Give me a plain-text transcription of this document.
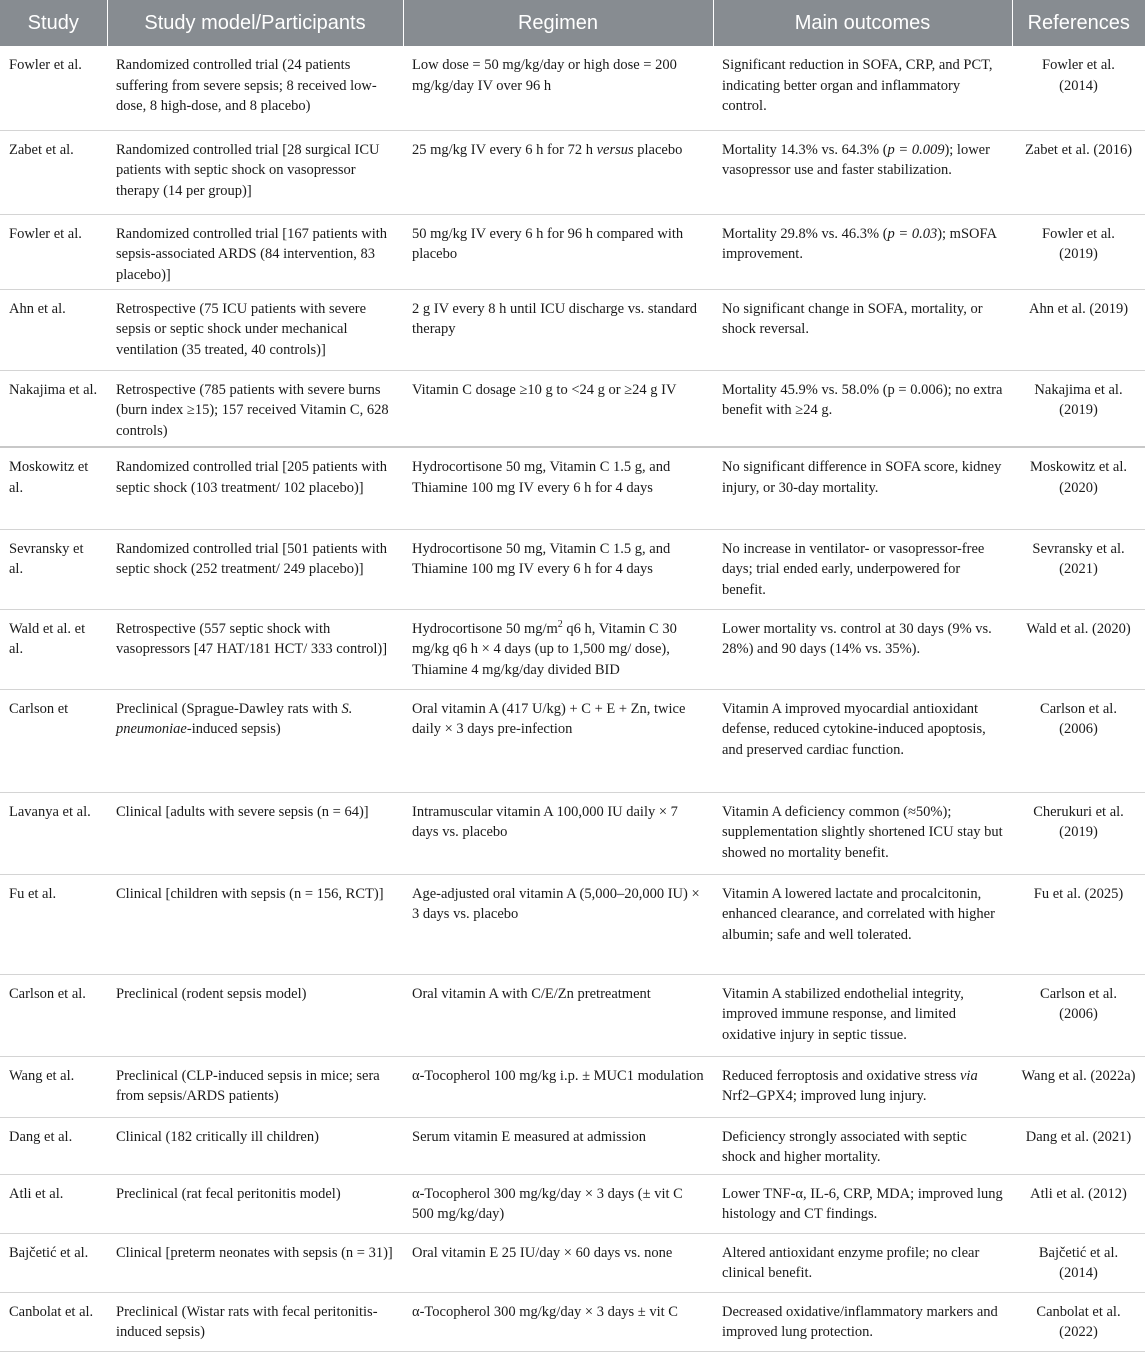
Study	Study model/Participants	Regimen	Main outcomes	References
Fowler et al.	Randomized controlled trial (24 patients suffering from severe sepsis; 8 received low-dose, 8 high-dose, and 8 placebo)	Low dose = 50 mg/kg/day or high dose = 200 mg/kg/day IV over 96 h	Significant reduction in SOFA, CRP, and PCT, indicating better organ and inflammatory control.	Fowler et al. (2014)
Zabet et al.	Randomized controlled trial [28 surgical ICU patients with septic shock on vasopressor therapy (14 per group)]	25 mg/kg IV every 6 h for 72 h versus placebo	Mortality 14.3% vs. 64.3% (p = 0.009); lower vasopressor use and faster stabilization.	Zabet et al. (2016)
Fowler et al.	Randomized controlled trial [167 patients with sepsis-associated ARDS (84 intervention, 83 placebo)]	50 mg/kg IV every 6 h for 96 h compared with placebo	Mortality 29.8% vs. 46.3% (p = 0.03); mSOFA improvement.	Fowler et al. (2019)
Ahn et al.	Retrospective (75 ICU patients with severe sepsis or septic shock under mechanical ventilation (35 treated, 40 controls)]	2 g IV every 8 h until ICU discharge vs. standard therapy	No significant change in SOFA, mortality, or shock reversal.	Ahn et al. (2019)
Nakajima et al.	Retrospective (785 patients with severe burns (burn index ≥15); 157 received Vitamin C, 628 controls)	Vitamin C dosage ≥10 g to <24 g or ≥24 g IV	Mortality 45.9% vs. 58.0% (p = 0.006); no extra benefit with ≥24 g.	Nakajima et al. (2019)
Moskowitz et al.	Randomized controlled trial [205 patients with septic shock (103 treatment/ 102 placebo)]	Hydrocortisone 50 mg, Vitamin C 1.5 g, and Thiamine 100 mg IV every 6 h for 4 days	No significant difference in SOFA score, kidney injury, or 30-day mortality.	Moskowitz et al. (2020)
Sevransky et al.	Randomized controlled trial [501 patients with septic shock (252 treatment/ 249 placebo)]	Hydrocortisone 50 mg, Vitamin C 1.5 g, and Thiamine 100 mg IV every 6 h for 4 days	No increase in ventilator- or vasopressor-free days; trial ended early, underpowered for benefit.	Sevransky et al. (2021)
Wald et al. et al.	Retrospective (557 septic shock with vasopressors [47 HAT/181 HCT/ 333 control)]	Hydrocortisone 50 $mg/m^2$ q6 h, Vitamin C 30 mg/kg q6 h × 4 days (up to 1,500 mg/ dose), Thiamine 4 mg/kg/day divided BID	Lower mortality vs. control at 30 days (9% vs. 28%) and 90 days (14% vs. 35%).	Wald et al. (2020)
Carlson et	Preclinical (Sprague-Dawley rats with S. pneumoniae-induced sepsis)	Oral vitamin A (417 U/kg) + C + E + Zn, twice daily × 3 days pre-infection	Vitamin A improved myocardial antioxidant defense, reduced cytokine-induced apoptosis, and preserved cardiac function.	Carlson et al. (2006)
Lavanya et al.	Clinical [adults with severe sepsis (n = 64)]	Intramuscular vitamin A 100,000 IU daily × 7 days vs. placebo	Vitamin A deficiency common (≈50%); supplementation slightly shortened ICU stay but showed no mortality benefit.	Cherukuri et al. (2019)
Fu et al.	Clinical [children with sepsis (n = 156, RCT)]	Age-adjusted oral vitamin A (5,000–20,000 IU) × 3 days vs. placebo	Vitamin A lowered lactate and procalcitonin, enhanced clearance, and correlated with higher albumin; safe and well tolerated.	Fu et al. (2025)
Carlson et al.	Preclinical (rodent sepsis model)	Oral vitamin A with C/E/Zn pretreatment	Vitamin A stabilized endothelial integrity, improved immune response, and limited oxidative injury in septic tissue.	Carlson et al. (2006)
Wang et al.	Preclinical (CLP-induced sepsis in mice; sera from sepsis/ARDS patients)	α-Tocopherol 100 mg/kg i.p. ± MUC1 modulation	Reduced ferroptosis and oxidative stress via Nrf2–GPX4; improved lung injury.	Wang et al. (2022a)
Dang et al.	Clinical (182 critically ill children)	Serum vitamin E measured at admission	Deficiency strongly associated with septic shock and higher mortality.	Dang et al. (2021)
Atli et al.	Preclinical (rat fecal peritonitis model)	α-Tocopherol 300 mg/kg/day × 3 days (± vit C 500 mg/kg/day)	Lower TNF-α, IL-6, CRP, MDA; improved lung histology and CT findings.	Atli et al. (2012)
Bajčetić et al.	Clinical [preterm neonates with sepsis (n = 31)]	Oral vitamin E 25 IU/day × 60 days vs. none	Altered antioxidant enzyme profile; no clear clinical benefit.	Bajčetić et al. (2014)
Canbolat et al.	Preclinical (Wistar rats with fecal peritonitis-induced sepsis)	α-Tocopherol 300 mg/kg/day × 3 days ± vit C	Decreased oxidative/inflammatory markers and improved lung protection.	Canbolat et al. (2022)
